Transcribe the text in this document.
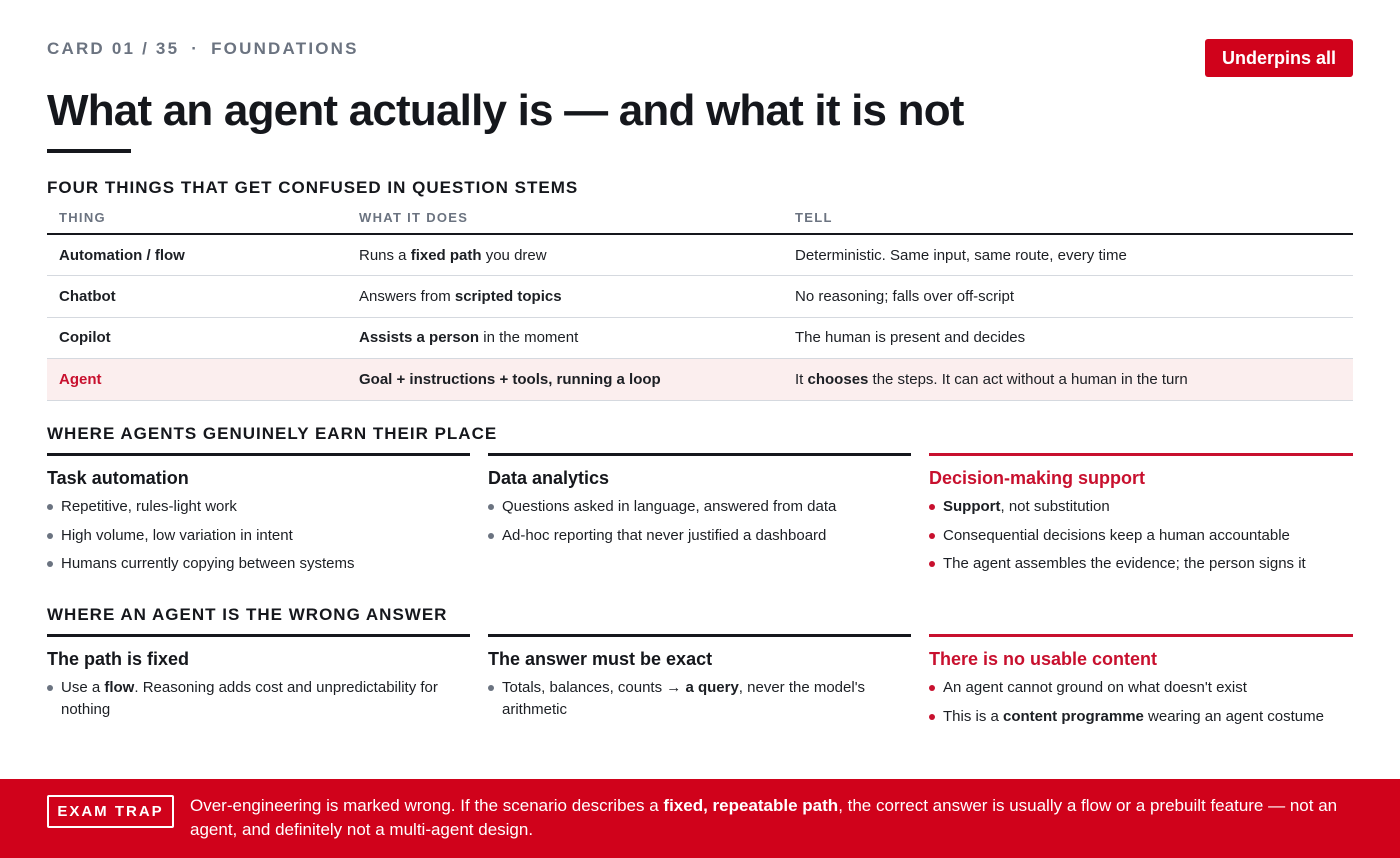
CARD 01 / 35 · FOUNDATIONS	Underpins all
What an agent actually is — and what it is not
FOUR THINGS THAT GET CONFUSED IN QUESTION STEMS
THING	WHAT IT DOES	TELL
Automation / flow	Runs a fixed path you drew	Deterministic. Same input, same route, every time
Chatbot	Answers from scripted topics	No reasoning; falls over off-script
Copilot	Assists a person in the moment	The human is present and decides
Agent	Goal + instructions + tools, running a loop	It chooses the steps. It can act without a human in the turn
WHERE AGENTS GENUINELY EARN THEIR PLACE
Task automation
Repetitive, rules-light work
High volume, low variation in intent
Humans currently copying between systems
Data analytics
Questions asked in language, answered from data
Ad-hoc reporting that never justified a dashboard
Decision-making support
Support, not substitution
Consequential decisions keep a human accountable
The agent assembles the evidence; the person signs it
WHERE AN AGENT IS THE WRONG ANSWER
The path is fixed
Use a flow. Reasoning adds cost and unpredictability for nothing
The answer must be exact
Totals, balances, counts → a query, never the model's arithmetic
There is no usable content
An agent cannot ground on what doesn't exist
This is a content programme wearing an agent costume
EXAM TRAP	Over-engineering is marked wrong. If the scenario describes a fixed, repeatable path, the correct answer is usually a flow or a prebuilt feature — not an agent, and definitely not a multi-agent design.
